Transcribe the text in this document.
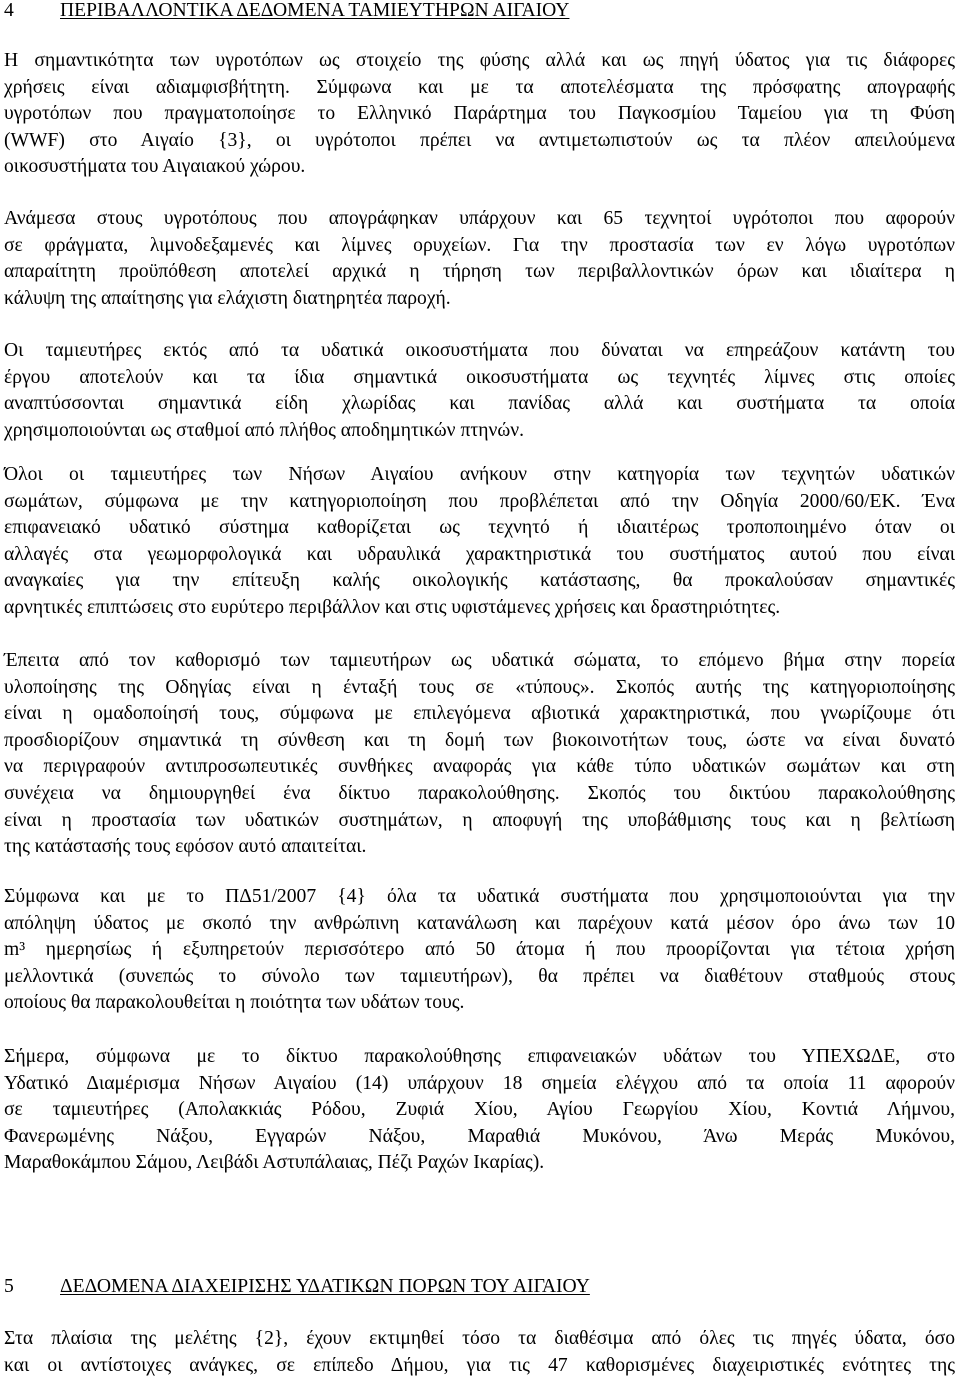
4 ΠΕΡΙΒΑΛΛΟΝΤΙΚΑ ΔΕΔΟΜΕΝΑ ΤΑΜΙΕΥΤΗΡΩΝ ΑΙΓΑΙΟΥ

Η σημαντικότητα των υγροτόπων ως στοιχείο της φύσης αλλά και ως πηγή ύδατος για τις διάφορες
χρήσεις είναι αδιαμφισβήτητη. Σύμφωνα και με τα αποτελέσματα της πρόσφατης απογραφής
υγροτόπων που πραγματοποίησε το Ελληνικό Παράρτημα του Παγκοσμίου Ταμείου για τη Φύση
(WWF) στο Αιγαίο {3}, οι υγρότοποι πρέπει να αντιμετωπιστούν ως τα πλέον απειλούμενα
οικοσυστήματα του Αιγαιακού χώρου.

Ανάμεσα στους υγροτόπους που απογράφηκαν υπάρχουν και 65 τεχνητοί υγρότοποι που αφορούν
σε φράγματα, λιμνοδεξαμενές και λίμνες ορυχείων. Για την προστασία των εν λόγω υγροτόπων
απαραίτητη προϋπόθεση αποτελεί αρχικά η τήρηση των περιβαλλοντικών όρων και ιδιαίτερα η
κάλυψη της απαίτησης για ελάχιστη διατηρητέα παροχή.

Οι ταμιευτήρες εκτός από τα υδατικά οικοσυστήματα που δύναται να επηρεάζουν κατάντη του
έργου αποτελούν και τα ίδια σημαντικά οικοσυστήματα ως τεχνητές λίμνες στις οποίες
αναπτύσσονται σημαντικά είδη χλωρίδας και πανίδας αλλά και συστήματα τα οποία
χρησιμοποιούνται ως σταθμοί από πλήθος αποδημητικών πτηνών.

Όλοι οι ταμιευτήρες των Νήσων Αιγαίου ανήκουν στην κατηγορία των τεχνητών υδατικών
σωμάτων, σύμφωνα με την κατηγοριοποίηση που προβλέπεται από την Οδηγία 2000/60/ΕΚ. Ένα
επιφανειακό υδατικό σύστημα καθορίζεται ως τεχνητό ή ιδιαιτέρως τροποποιημένο όταν οι
αλλαγές στα γεωμορφολογικά και υδραυλικά χαρακτηριστικά του συστήματος αυτού που είναι
αναγκαίες για την επίτευξη καλής οικολογικής κατάστασης, θα προκαλούσαν σημαντικές
αρνητικές επιπτώσεις στο ευρύτερο περιβάλλον και στις υφιστάμενες χρήσεις και δραστηριότητες.

Έπειτα από τον καθορισμό των ταμιευτήρων ως υδατικά σώματα, το επόμενο βήμα στην πορεία
υλοποίησης της Οδηγίας είναι η ένταξή τους σε «τύπους». Σκοπός αυτής της κατηγοριοποίησης
είναι η ομαδοποίησή τους, σύμφωνα με επιλεγόμενα αβιοτικά χαρακτηριστικά, που γνωρίζουμε ότι
προσδιορίζουν σημαντικά τη σύνθεση και τη δομή των βιοκοινοτήτων τους, ώστε να είναι δυνατό
να περιγραφούν αντιπροσωπευτικές συνθήκες αναφοράς για κάθε τύπο υδατικών σωμάτων και στη
συνέχεια να δημιουργηθεί ένα δίκτυο παρακολούθησης. Σκοπός του δικτύου παρακολούθησης
είναι η προστασία των υδατικών συστημάτων, η αποφυγή της υποβάθμισης τους και η βελτίωση
της κατάστασής τους εφόσον αυτό απαιτείται.

Σύμφωνα και με το ΠΔ51/2007 {4} όλα τα υδατικά συστήματα που χρησιμοποιούνται για την
απόληψη ύδατος με σκοπό την ανθρώπινη κατανάλωση και παρέχουν κατά μέσον όρο άνω των 10
m³ ημερησίως ή εξυπηρετούν περισσότερο από 50 άτομα ή που προορίζονται για τέτοια χρήση
μελλοντικά (συνεπώς το σύνολο των ταμιευτήρων), θα πρέπει να διαθέτουν σταθμούς στους
οποίους θα παρακολουθείται η ποιότητα των υδάτων τους.

Σήμερα, σύμφωνα με το δίκτυο παρακολούθησης επιφανειακών υδάτων του ΥΠΕΧΩΔΕ, στο
Υδατικό Διαμέρισμα Νήσων Αιγαίου (14) υπάρχουν 18 σημεία ελέγχου από τα οποία 11 αφορούν
σε ταμιευτήρες (Απολακκιάς Ρόδου, Ζυφιά Χίου, Αγίου Γεωργίου Χίου, Κοντιά Λήμνου,
Φανερωμένης Νάξου, Εγγαρών Νάξου, Μαραθιά Μυκόνου, Άνω Μεράς Μυκόνου,
Μαραθοκάμπου Σάμου, Λειβάδι Αστυπάλαιας, Πέζι Ραχών Ικαρίας).

5 ΔΕΔΟΜΕΝΑ ΔΙΑΧΕΙΡΙΣΗΣ ΥΔΑΤΙΚΩΝ ΠΟΡΩΝ ΤΟΥ ΑΙΓΑΙΟΥ

Στα πλαίσια της μελέτης {2}, έχουν εκτιμηθεί τόσο τα διαθέσιμα από όλες τις πηγές ύδατα, όσο
και οι αντίστοιχες ανάγκες, σε επίπεδο Δήμου, για τις 47 καθορισμένες διαχειριστικές ενότητες της
